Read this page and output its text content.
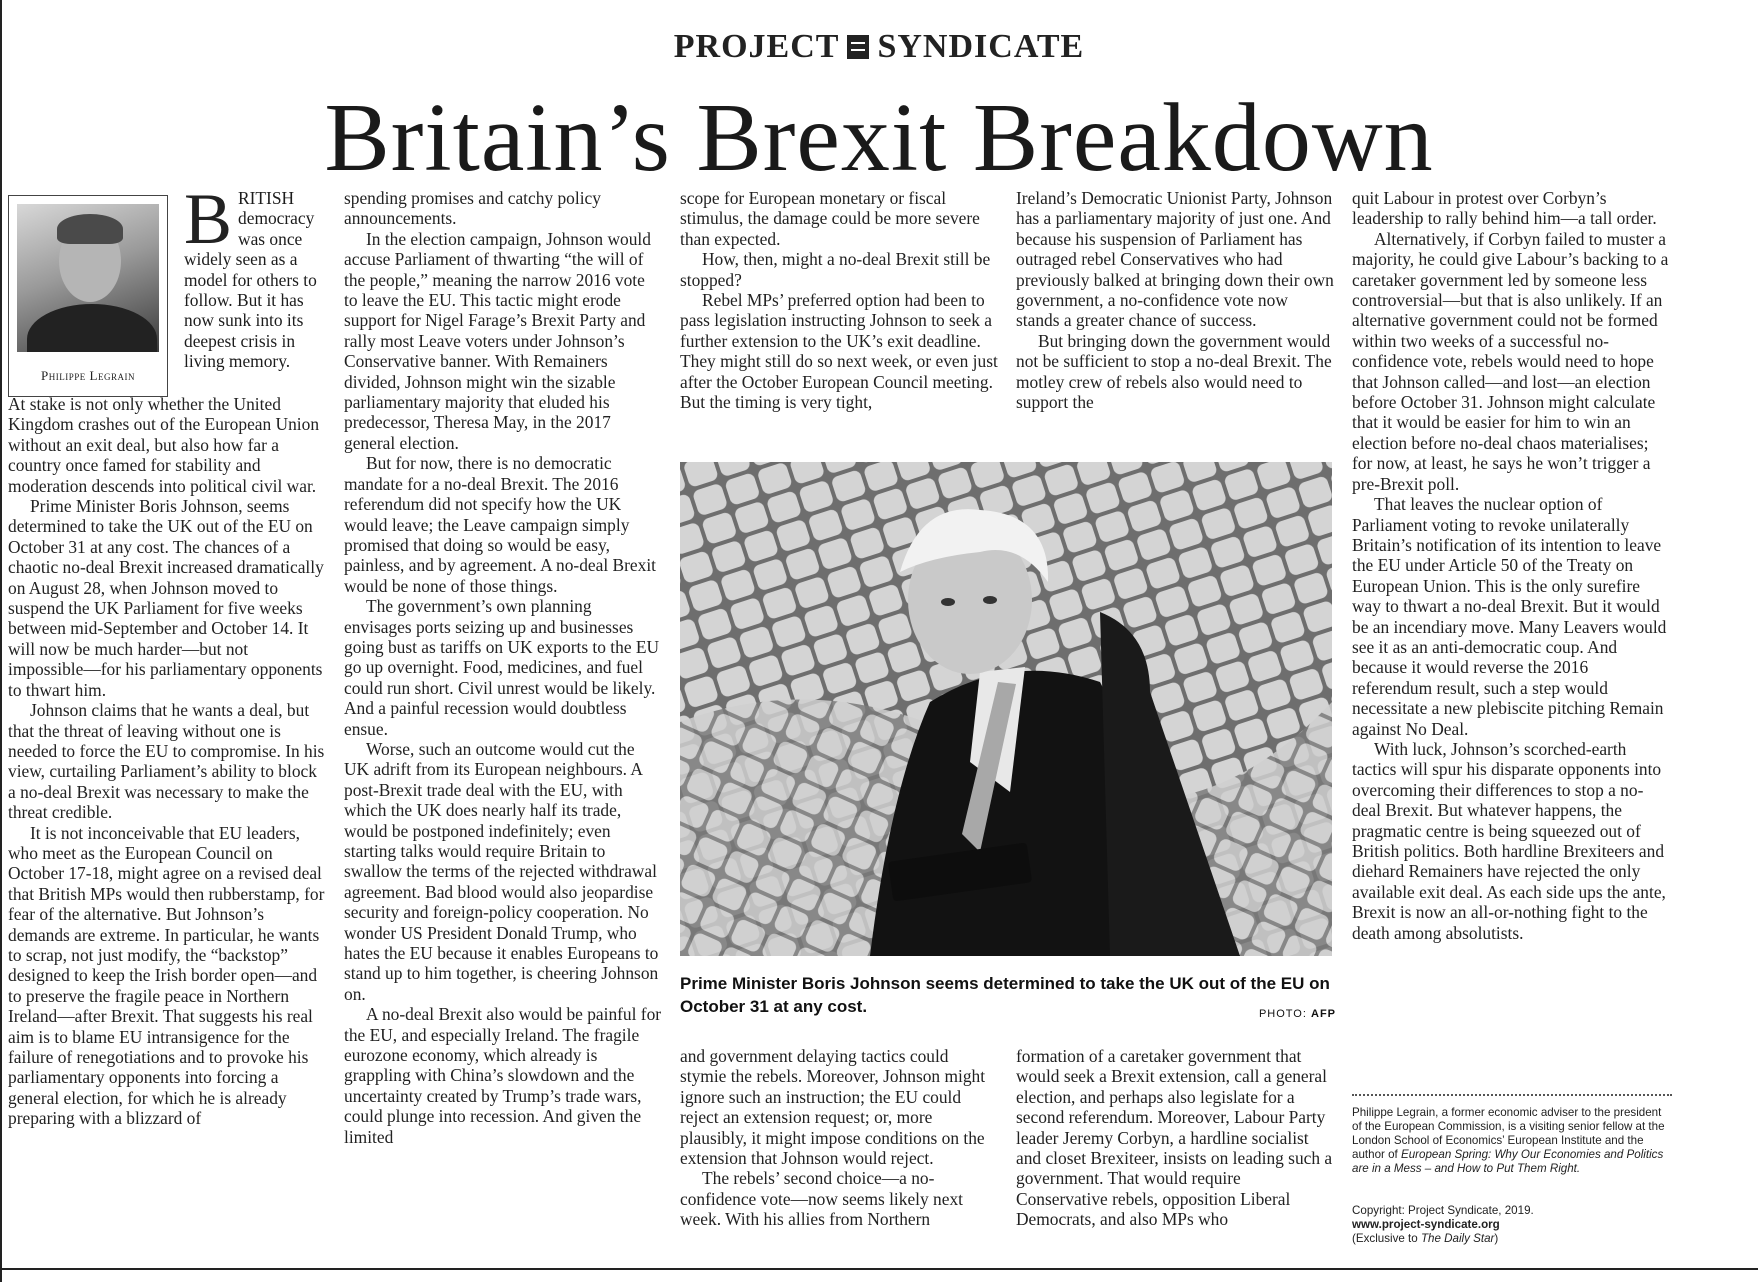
PROJECT SYNDICATE
Britain’s Brexit Breakdown
Philippe Legrain
BRITISH democracy was once widely seen as a model for others to follow. But it has now sunk into its deepest crisis in living memory.

At stake is not only whether the United Kingdom crashes out of the European Union without an exit deal, but also how far a country once famed for stability and moderation descends into political civil war.

Prime Minister Boris Johnson, seems determined to take the UK out of the EU on October 31 at any cost. The chances of a chaotic no-deal Brexit increased dramatically on August 28, when Johnson moved to suspend the UK Parliament for five weeks between mid-September and October 14. It will now be much harder—but not impossible—for his parliamentary opponents to thwart him.

Johnson claims that he wants a deal, but that the threat of leaving without one is needed to force the EU to compromise. In his view, curtailing Parliament’s ability to block a no-deal Brexit was necessary to make the threat credible.

It is not inconceivable that EU leaders, who meet as the European Council on October 17-18, might agree on a revised deal that British MPs would then rubberstamp, for fear of the alternative. But Johnson’s demands are extreme. In particular, he wants to scrap, not just modify, the “backstop” designed to keep the Irish border open—and to preserve the fragile peace in Northern Ireland—after Brexit. That suggests his real aim is to blame EU intransigence for the failure of renegotiations and to provoke his parliamentary opponents into forcing a general election, for which he is already preparing with a blizzard of

spending promises and catchy policy announcements.

In the election campaign, Johnson would accuse Parliament of thwarting “the will of the people,” meaning the narrow 2016 vote to leave the EU. This tactic might erode support for Nigel Farage’s Brexit Party and rally most Leave voters under Johnson’s Conservative banner. With Remainers divided, Johnson might win the sizable parliamentary majority that eluded his predecessor, Theresa May, in the 2017 general election.

But for now, there is no democratic mandate for a no-deal Brexit. The 2016 referendum did not specify how the UK would leave; the Leave campaign simply promised that doing so would be easy, painless, and by agreement. A no-deal Brexit would be none of those things.

The government’s own planning envisages ports seizing up and businesses going bust as tariffs on UK exports to the EU go up overnight. Food, medicines, and fuel could run short. Civil unrest would be likely. And a painful recession would doubtless ensue.

Worse, such an outcome would cut the UK adrift from its European neighbours. A post-Brexit trade deal with the EU, with which the UK does nearly half its trade, would be postponed indefinitely; even starting talks would require Britain to swallow the terms of the rejected withdrawal agreement. Bad blood would also jeopardise security and foreign-policy cooperation. No wonder US President Donald Trump, who hates the EU because it enables Europeans to stand up to him together, is cheering Johnson on.

A no-deal Brexit also would be painful for the EU, and especially Ireland. The fragile eurozone economy, which already is grappling with China’s slowdown and the uncertainty created by Trump’s trade wars, could plunge into recession. And given the limited

scope for European monetary or fiscal stimulus, the damage could be more severe than expected.

How, then, might a no-deal Brexit still be stopped?

Rebel MPs’ preferred option had been to pass legislation instructing Johnson to seek a further extension to the UK’s exit deadline. They might still do so next week, or even just after the October European Council meeting. But the timing is very tight,

Ireland’s Democratic Unionist Party, Johnson has a parliamentary majority of just one. And because his suspension of Parliament has outraged rebel Conservatives who had previously balked at bringing down their own government, a no-confidence vote now stands a greater chance of success.

But bringing down the government would not be sufficient to stop a no-deal Brexit. The motley crew of rebels also would need to support the

quit Labour in protest over Corbyn’s leadership to rally behind him—a tall order.

Alternatively, if Corbyn failed to muster a majority, he could give Labour’s backing to a caretaker government led by someone less controversial—but that is also unlikely. If an alternative government could not be formed within two weeks of a successful no-confidence vote, rebels would need to hope that Johnson called—and lost—an election before October 31. Johnson might calculate that it would be easier for him to win an election before no-deal chaos materialises; for now, at least, he says he won’t trigger a pre-Brexit poll.

That leaves the nuclear option of Parliament voting to revoke unilaterally Britain’s notification of its intention to leave the EU under Article 50 of the Treaty on European Union. This is the only surefire way to thwart a no-deal Brexit. But it would be an incendiary move. Many Leavers would see it as an anti-democratic coup. And because it would reverse the 2016 referendum result, such a step would necessitate a new plebiscite pitching Remain against No Deal.

With luck, Johnson’s scorched-earth tactics will spur his disparate opponents into overcoming their differences to stop a no-deal Brexit. But whatever happens, the pragmatic centre is being squeezed out of British politics. Both hardline Brexiteers and diehard Remainers have rejected the only available exit deal. As each side ups the ante, Brexit is now an all-or-nothing fight to the death among absolutists.

and government delaying tactics could stymie the rebels. Moreover, Johnson might ignore such an instruction; the EU could reject an extension request; or, more plausibly, it might impose conditions on the extension that Johnson would reject.

The rebels’ second choice—a no-confidence vote—now seems likely next week. With his allies from Northern

formation of a caretaker government that would seek a Brexit extension, call a general election, and perhaps also legislate for a second referendum. Moreover, Labour Party leader Jeremy Corbyn, a hardline socialist and closet Brexiteer, insists on leading such a government. That would require Conservative rebels, opposition Liberal Democrats, and also MPs who

Prime Minister Boris Johnson seems determined to take the UK out of the EU on October 31 at any cost.	PHOTO: AFP
Philippe Legrain, a former economic adviser to the president of the European Commission, is a visiting senior fellow at the London School of Economics’ European Institute and the author of European Spring: Why Our Economies and Politics are in a Mess – and How to Put Them Right.
Copyright: Project Syndicate, 2019.
www.project-syndicate.org
(Exclusive to The Daily Star)
